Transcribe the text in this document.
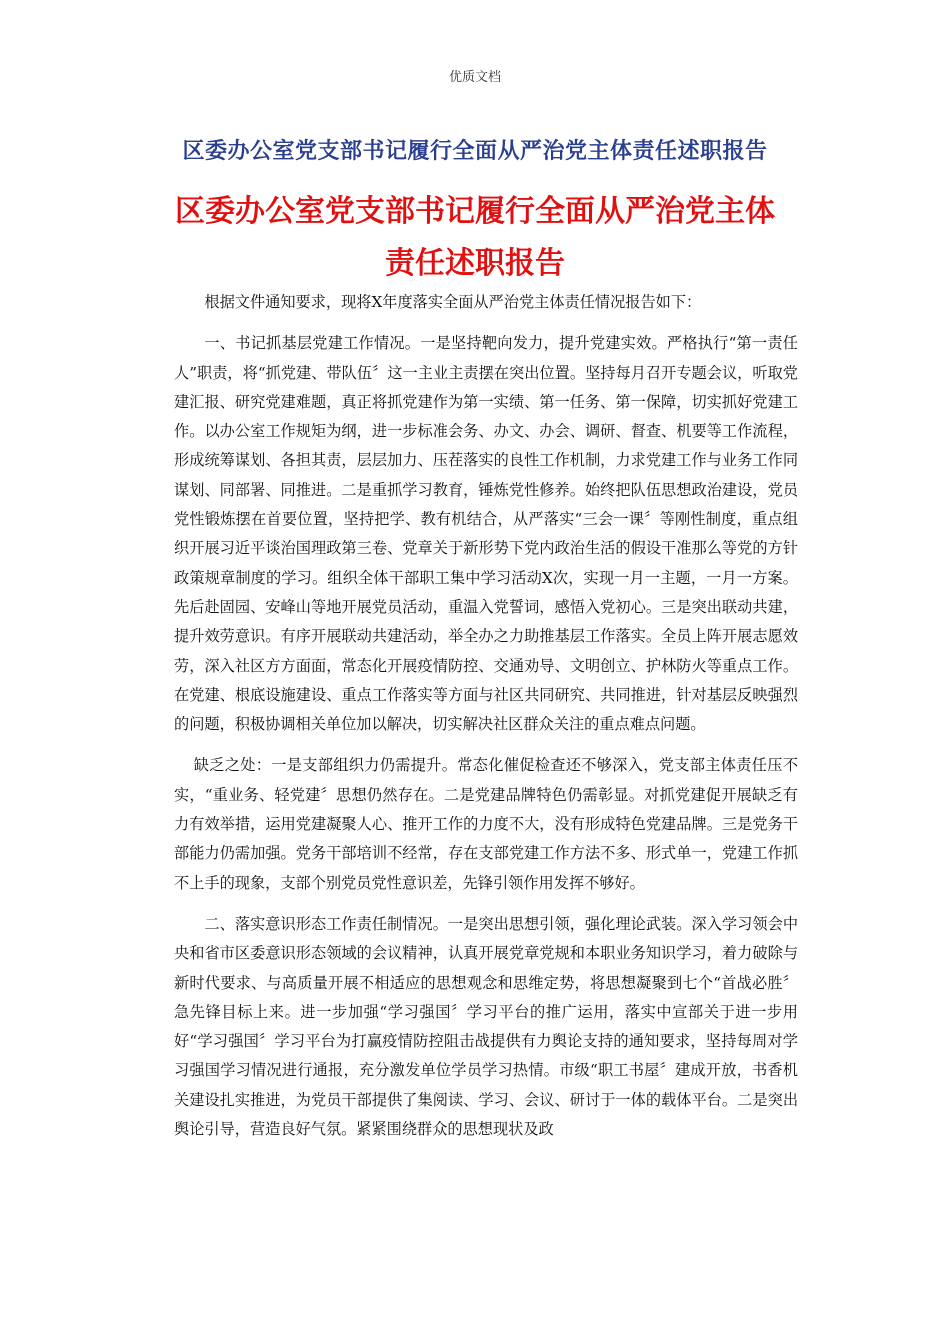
优质文档
区委办公室党支部书记履行全面从严治党主体责任述职报告
区委办公室党支部书记履行全面从严治党主体
责任述职报告

根据文件通知要求，现将X年度落实全面从严治党主体责任情况报告如下：

一、书记抓基层党建工作情况。一是坚持靶向发力，提升党建实效。严格执行“第一责任人”职责，将“抓党建、带队伍〞这一主业主责摆在突出位置。坚持每月召开专题会议，听取党建汇报、研究党建难题，真正将抓党建作为第一实绩、第一任务、第一保障，切实抓好党建工作。以办公室工作规矩为纲，进一步标准会务、办文、办会、调研、督查、机要等工作流程，形成统筹谋划、各担其责，层层加力、压茬落实的良性工作机制，力求党建工作与业务工作同谋划、同部署、同推进。二是重抓学习教育，锤炼党性修养。始终把队伍思想政治建设，党员党性锻炼摆在首要位置，坚持把学、教有机结合，从严落实“三会一课〞等刚性制度，重点组织开展习近平谈治国理政第三卷、党章关于新形势下党内政治生活的假设干准那么等党的方针政策规章制度的学习。组织全体干部职工集中学习活动X次，实现一月一主题，一月一方案。先后赴固园、安峰山等地开展党员活动，重温入党誓词，感悟入党初心。三是突出联动共建，提升效劳意识。有序开展联动共建活动，举全办之力助推基层工作落实。全员上阵开展志愿效劳，深入社区方方面面，常态化开展疫情防控、交通劝导、文明创立、护林防火等重点工作。在党建、根底设施建设、重点工作落实等方面与社区共同研究、共同推进，针对基层反映强烈的问题，积极协调相关单位加以解决，切实解决社区群众关注的重点难点问题。

缺乏之处：一是支部组织力仍需提升。常态化催促检查还不够深入，党支部主体责任压不实，“重业务、轻党建〞思想仍然存在。二是党建品牌特色仍需彰显。对抓党建促开展缺乏有力有效举措，运用党建凝聚人心、推开工作的力度不大，没有形成特色党建品牌。三是党务干部能力仍需加强。党务干部培训不经常，存在支部党建工作方法不多、形式单一，党建工作抓不上手的现象，支部个别党员党性意识差，先锋引领作用发挥不够好。

二、落实意识形态工作责任制情况。一是突出思想引领，强化理论武装。深入学习领会中央和省市区委意识形态领域的会议精神，认真开展党章党规和本职业务知识学习，着力破除与新时代要求、与高质量开展不相适应的思想观念和思维定势，将思想凝聚到七个“首战必胜〞急先锋目标上来。进一步加强“学习强国〞学习平台的推广运用，落实中宣部关于进一步用好“学习强国〞学习平台为打赢疫情防控阻击战提供有力舆论支持的通知要求，坚持每周对学习强国学习情况进行通报，充分激发单位学员学习热情。市级“职工书屋〞建成开放，书香机关建设扎实推进，为党员干部提供了集阅读、学习、会议、研讨于一体的载体平台。二是突出舆论引导，营造良好气氛。紧紧围绕群众的思想现状及政
